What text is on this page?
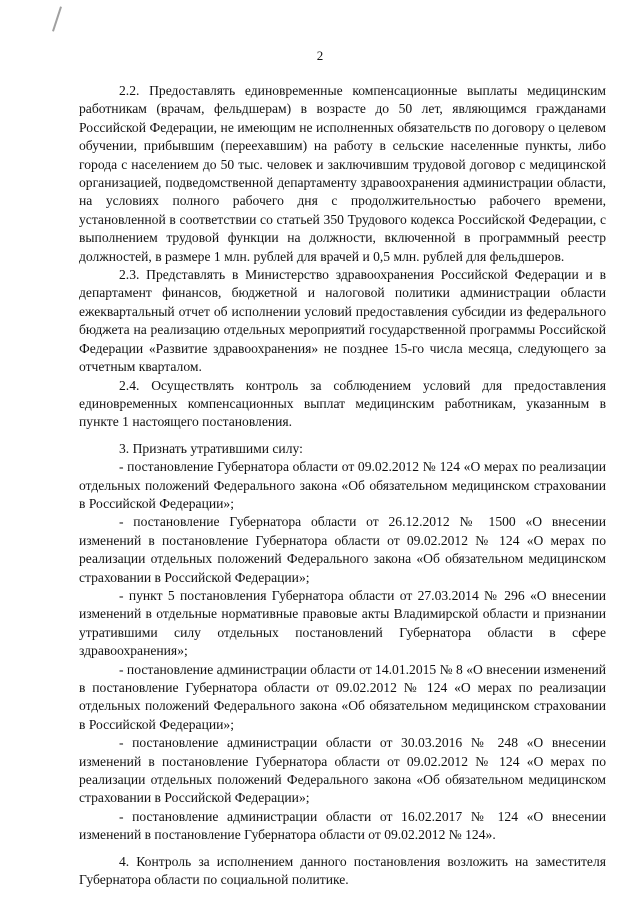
2

2.2. Предоставлять единовременные компенсационные выплаты медицинским работникам (врачам, фельдшерам) в возрасте до 50 лет, являющимся гражданами Российской Федерации, не имеющим не исполненных обязательств по договору о целевом обучении, прибывшим (переехавшим) на работу в сельские населенные пункты, либо города с населением до 50 тыс. человек и заключившим трудовой договор с медицинской организацией, подведомственной департаменту здравоохранения администрации области, на условиях полного рабочего дня с продолжительностью рабочего времени, установленной в соответствии со статьей 350 Трудового кодекса Российской Федерации, с выполнением трудовой функции на должности, включенной в программный реестр должностей, в размере 1 млн. рублей для врачей и 0,5 млн. рублей для фельдшеров.

2.3. Представлять в Министерство здравоохранения Российской Федерации и в департамент финансов, бюджетной и налоговой политики администрации области ежеквартальный отчет об исполнении условий предоставления субсидии из федерального бюджета на реализацию отдельных мероприятий государственной программы Российской Федерации «Развитие здравоохранения» не позднее 15-го числа месяца, следующего за отчетным кварталом.

2.4. Осуществлять контроль за соблюдением условий для предоставления единовременных компенсационных выплат медицинским работникам, указанным в пункте 1 настоящего постановления.

3. Признать утратившими силу:

- постановление Губернатора области от 09.02.2012 № 124 «О мерах по реализации отдельных положений Федерального закона «Об обязательном медицинском страховании в Российской Федерации»;

- постановление Губернатора области от 26.12.2012 № 1500 «О внесении изменений в постановление Губернатора области от 09.02.2012 № 124 «О мерах по реализации отдельных положений Федерального закона «Об обязательном медицинском страховании в Российской Федерации»;

- пункт 5 постановления Губернатора области от 27.03.2014 № 296 «О внесении изменений в отдельные нормативные правовые акты Владимирской области и признании утратившими силу отдельных постановлений Губернатора области в сфере здравоохранения»;

- постановление администрации области от 14.01.2015 № 8 «О внесении изменений в постановление Губернатора области от 09.02.2012 № 124 «О мерах по реализации отдельных положений Федерального закона «Об обязательном медицинском страховании в Российской Федерации»;

- постановление администрации области от 30.03.2016 № 248 «О внесении изменений в постановление Губернатора области от 09.02.2012 № 124 «О мерах по реализации отдельных положений Федерального закона «Об обязательном медицинском страховании в Российской Федерации»;

- постановление администрации области от 16.02.2017 № 124 «О внесении изменений в постановление Губернатора области от 09.02.2012 № 124».

4. Контроль за исполнением данного постановления возложить на заместителя Губернатора области по социальной политике.
